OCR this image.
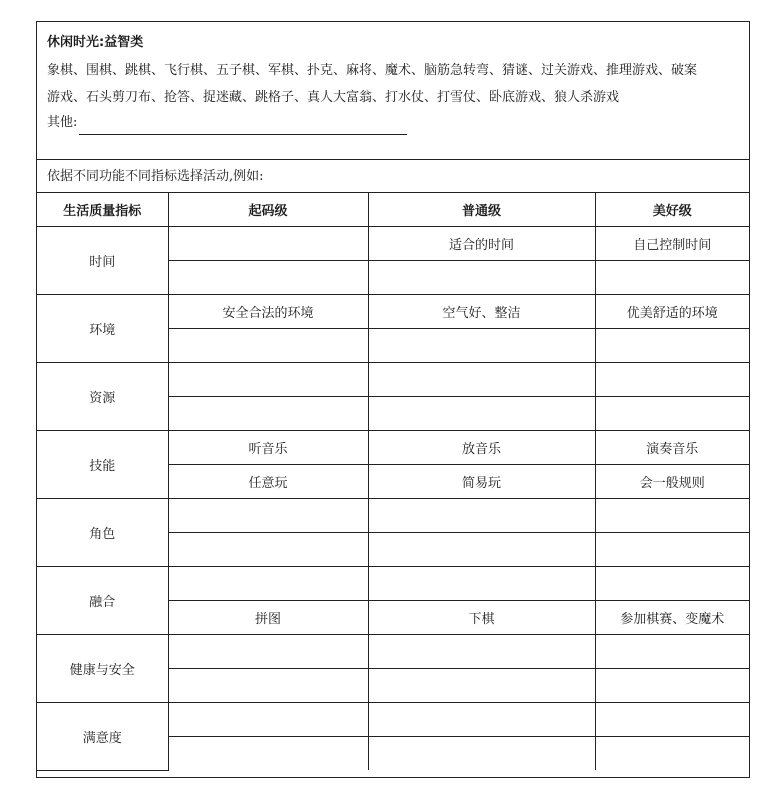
休闲时光:益智类
象棋、围棋、跳棋、飞行棋、五子棋、军棋、扑克、麻将、魔术、脑筋急转弯、猜谜、过关游戏、推理游戏、破案
游戏、石头剪刀布、抢答、捉迷藏、跳格子、真人大富翁、打水仗、打雪仗、卧底游戏、狼人杀游戏
其他:
依据不同功能不同指标选择活动,例如:
生活质量指标	起码级	普通级	美好级
时间		适合的时间	自己控制时间

环境	安全合法的环境	空气好、整洁	优美舒适的环境

资源			

技能	听音乐	放音乐	演奏音乐
	任意玩	简易玩	会一般规则
角色			

融合			
	拼图	下棋	参加棋赛、变魔术
健康与安全			

满意度			
